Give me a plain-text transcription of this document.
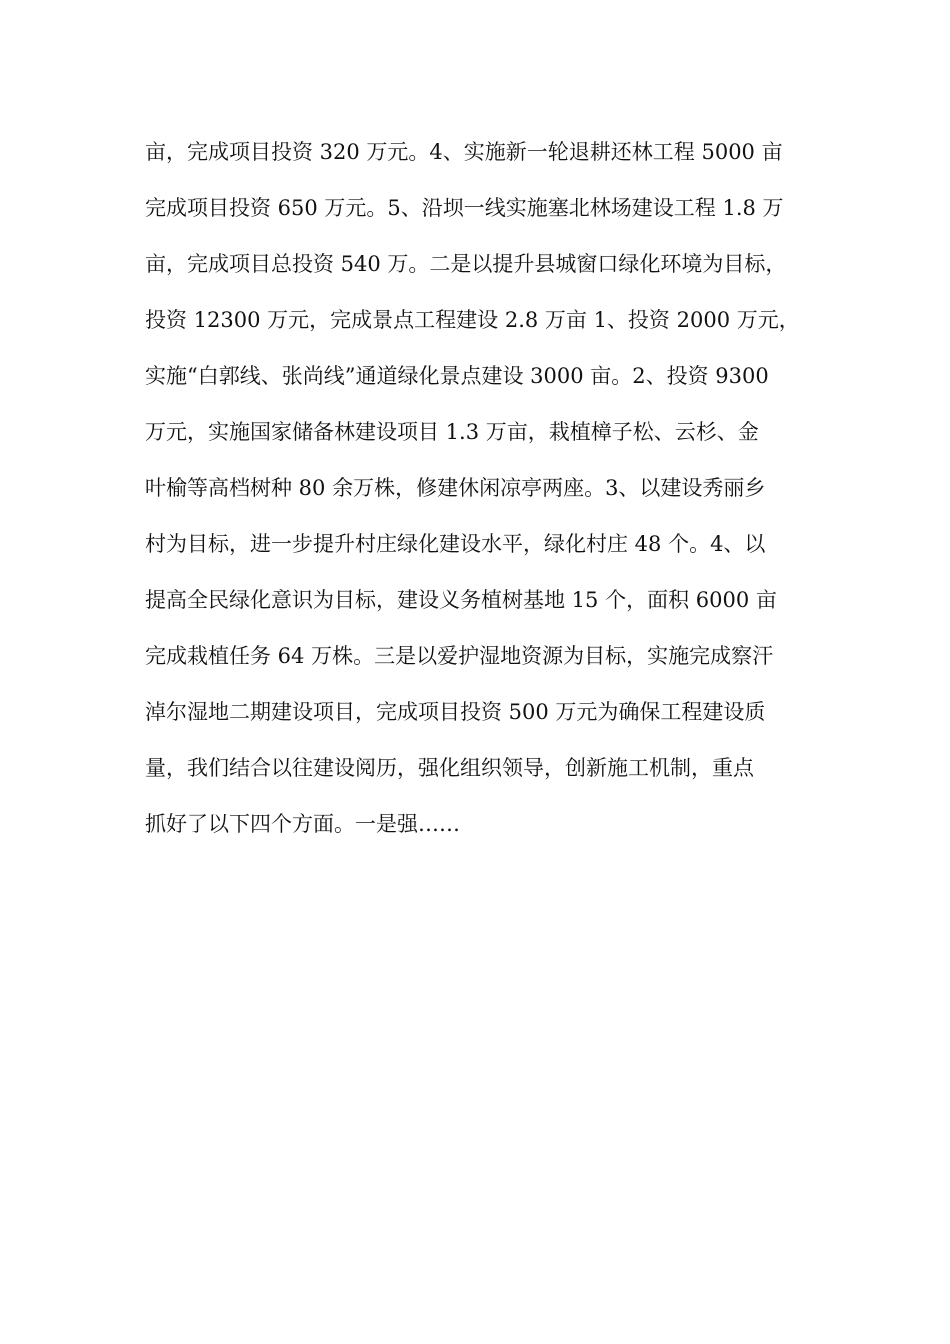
亩，完成项目投资 320 万元。4、实施新一轮退耕还林工程 5000 亩
完成项目投资 650 万元。5、沿坝一线实施塞北林场建设工程 1.8 万
亩，完成项目总投资 540 万。二是以提升县城窗口绿化环境为目标，
投资 12300 万元，完成景点工程建设 2.8 万亩 1、投资 2000 万元，
实施“白郭线、张尚线”通道绿化景点建设 3000 亩。2、投资 9300
万元，实施国家储备林建设项目 1.3 万亩，栽植樟子松、云杉、金
叶榆等高档树种 80 余万株，修建休闲凉亭两座。3、以建设秀丽乡
村为目标，进一步提升村庄绿化建设水平，绿化村庄 48 个。4、以
提高全民绿化意识为目标，建设义务植树基地 15 个，面积 6000 亩
完成栽植任务 64 万株。三是以爱护湿地资源为目标，实施完成察汗
淖尔湿地二期建设项目，完成项目投资 500 万元为确保工程建设质
量，我们结合以往建设阅历，强化组织领导，创新施工机制，重点
抓好了以下四个方面。一是强……
